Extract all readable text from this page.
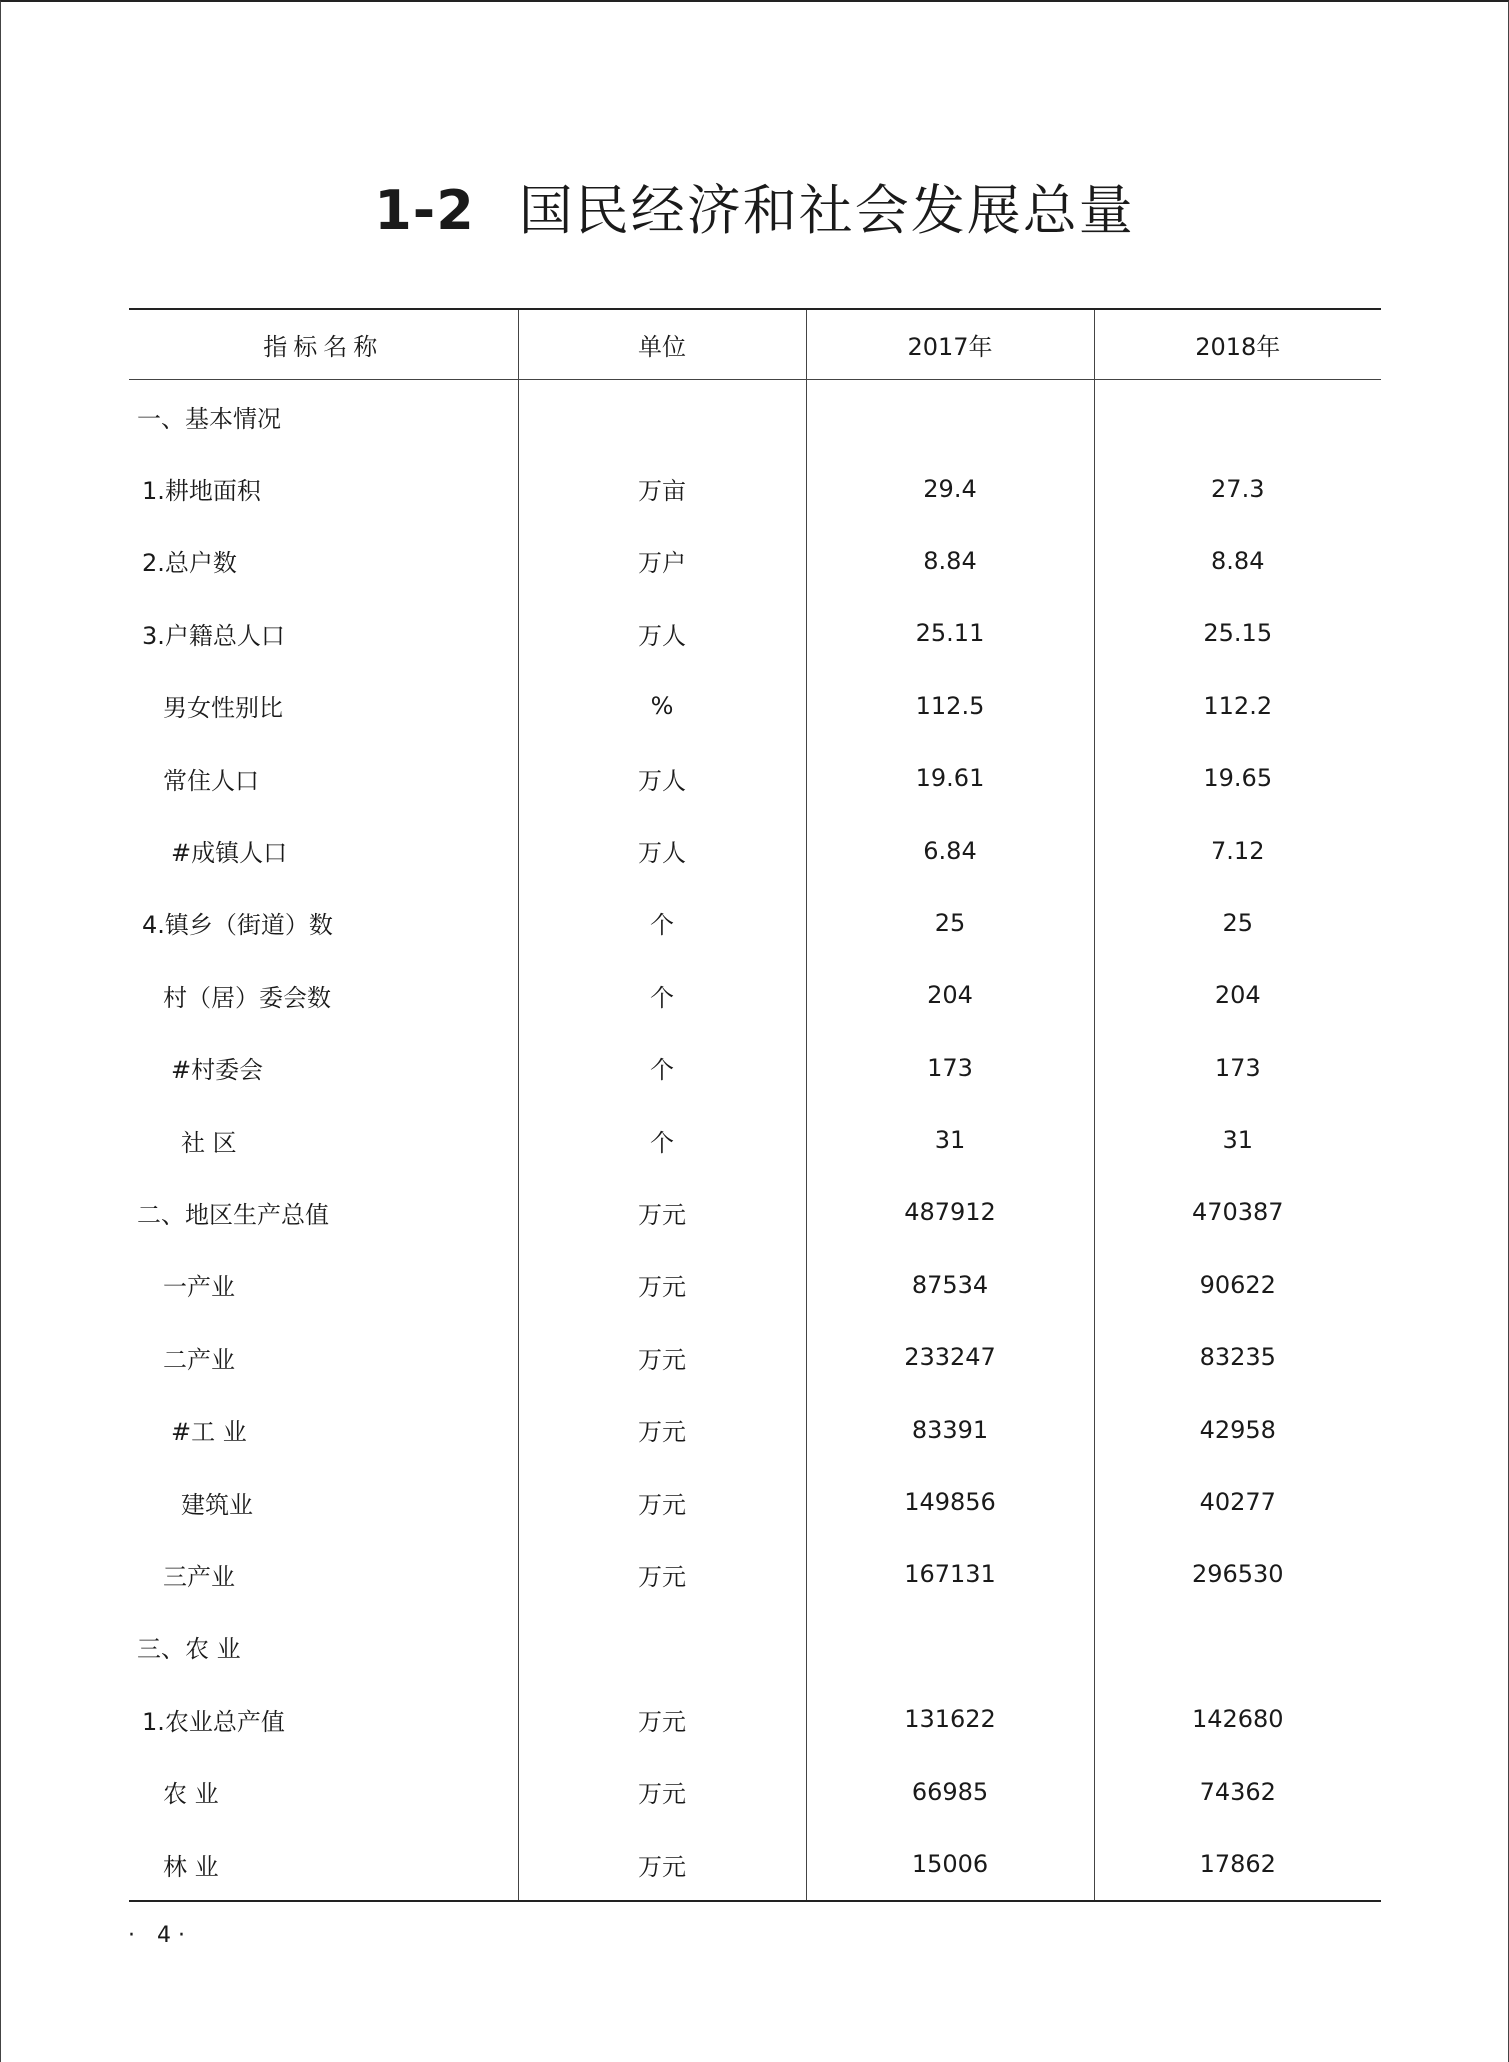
1-2 国民经济和社会发展总量
指标名称	单位	2017年	2018年
一、基本情况			
1.耕地面积	万亩	29.4	27.3
2.总户数	万户	8.84	8.84
3.户籍总人口	万人	25.11	25.15
男女性别比	%	112.5	112.2
常住人口	万人	19.61	19.65
#成镇人口	万人	6.84	7.12
4.镇乡（街道）数	个	25	25
村（居）委会数	个	204	204
#村委会	个	173	173
社 区	个	31	31
二、地区生产总值	万元	487912	470387
一产业	万元	87534	90622
二产业	万元	233247	83235
#工 业	万元	83391	42958
建筑业	万元	149856	40277
三产业	万元	167131	296530
三、农 业			
1.农业总产值	万元	131622	142680
农 业	万元	66985	74362
林 业	万元	15006	17862
·　4 ·
